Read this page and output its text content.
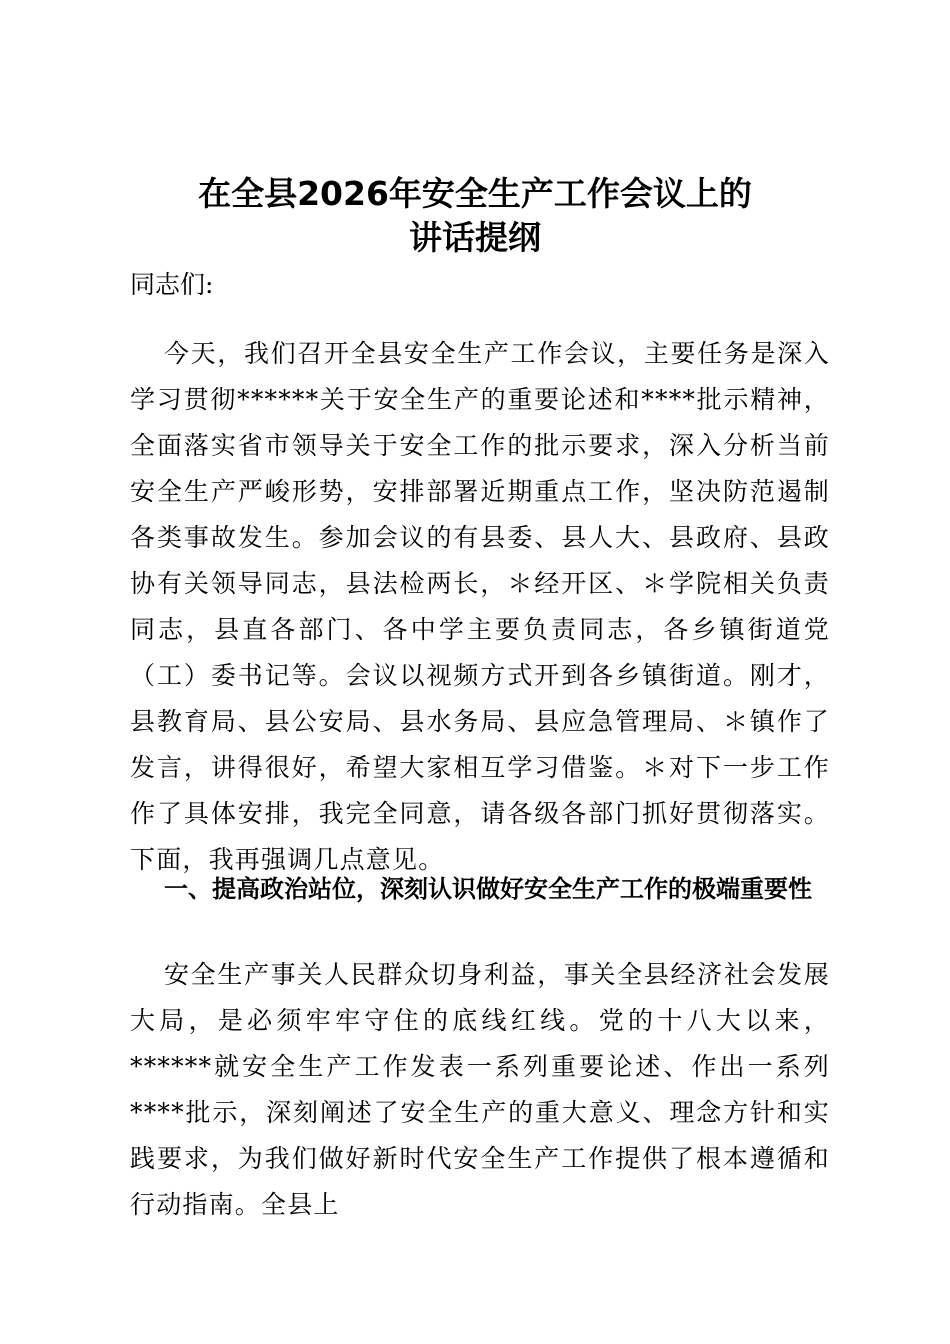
在全县2026年安全生产工作会议上的
讲话提纲

同志们:

今天，我们召开全县安全生产工作会议，主要任务是深入学习贯彻******关于安全生产的重要论述和****批示精神，全面落实省市领导关于安全工作的批示要求，深入分析当前安全生产严峻形势，安排部署近期重点工作，坚决防范遏制各类事故发生。参加会议的有县委、县人大、县政府、县政协有关领导同志，县法检两长，＊经开区、＊学院相关负责同志，县直各部门、各中学主要负责同志，各乡镇街道党（工）委书记等。会议以视频方式开到各乡镇街道。刚才，县教育局、县公安局、县水务局、县应急管理局、＊镇作了发言，讲得很好，希望大家相互学习借鉴。＊对下一步工作作了具体安排，我完全同意，请各级各部门抓好贯彻落实。下面，我再强调几点意见。

一、提高政治站位，深刻认识做好安全生产工作的极端重要性

安全生产事关人民群众切身利益，事关全县经济社会发展大局，是必须牢牢守住的底线红线。党的十八大以来，******就安全生产工作发表一系列重要论述、作出一系列****批示，深刻阐述了安全生产的重大意义、理念方针和实践要求，为我们做好新时代安全生产工作提供了根本遵循和行动指南。全县上
